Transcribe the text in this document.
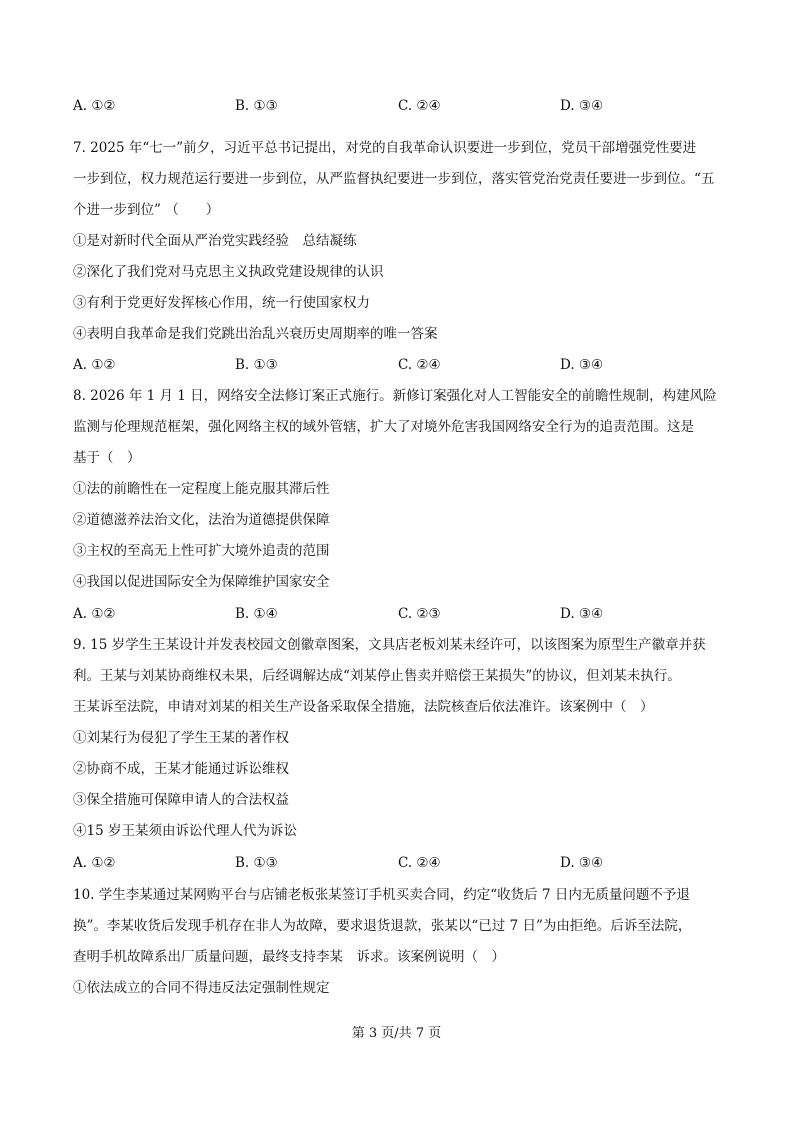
A. ①②	B. ①③	C. ②④	D. ③④
7. 2025 年“七一”前夕，习近平总书记提出，对党的自我革命认识要进一步到位，党员干部增强党性要进
一步到位，权力规范运行要进一步到位，从严监督执纪要进一步到位，落实管党治党责任要进一步到位。“五
个进一步到位” （　　）
①是对新时代全面从严治党实践经验　总结凝练
②深化了我们党对马克思主义执政党建设规律的认识
③有利于党更好发挥核心作用，统一行使国家权力
④表明自我革命是我们党跳出治乱兴衰历史周期率的唯一答案
A. ①②	B. ①③	C. ②④	D. ③④
8. 2026 年 1 月 1 日，网络安全法修订案正式施行。新修订案强化对人工智能安全的前瞻性规制，构建风险
监测与伦理规范框架，强化网络主权的域外管辖，扩大了对境外危害我国网络安全行为的追责范围。这是
基于（　）
①法的前瞻性在一定程度上能克服其滞后性
②道德滋养法治文化，法治为道德提供保障
③主权的至高无上性可扩大境外追责的范围
④我国以促进国际安全为保障维护国家安全
A. ①②	B. ①④	C. ②③	D. ③④
9. 15 岁学生王某设计并发表校园文创徽章图案，文具店老板刘某未经许可，以该图案为原型生产徽章并获
利。王某与刘某协商维权未果，后经调解达成“刘某停止售卖并赔偿王某损失”的协议，但刘某未执行。
王某诉至法院，申请对刘某的相关生产设备采取保全措施，法院核查后依法准许。该案例中（　）
①刘某行为侵犯了学生王某的著作权
②协商不成，王某才能通过诉讼维权
③保全措施可保障申请人的合法权益
④15 岁王某须由诉讼代理人代为诉讼
A. ①②	B. ①③	C. ②④	D. ③④
10. 学生李某通过某网购平台与店铺老板张某签订手机买卖合同，约定“收货后 7 日内无质量问题不予退
换”。李某收货后发现手机存在非人为故障，要求退货退款，张某以“已过 7 日”为由拒绝。后诉至法院，
查明手机故障系出厂质量问题，最终支持李某　诉求。该案例说明（　）
①依法成立的合同不得违反法定强制性规定
第 3 页/共 7 页
